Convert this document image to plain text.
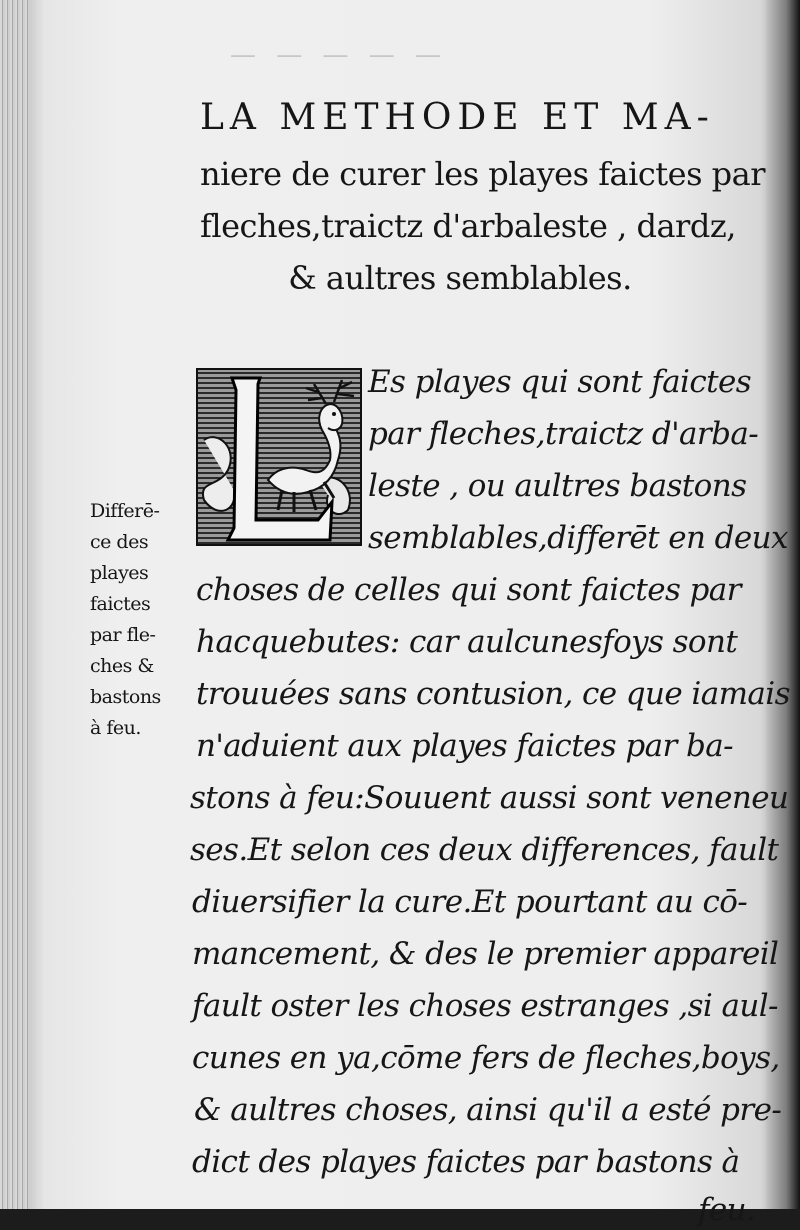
— — — — —
LA METHODE ET MA-
niere de curer les playes faictes par
fleches,traictz d'arbaleste , dardz,
& aultres semblables.
Es playes qui sont faictes
par fleches,traictz d'arba-
leste , ou aultres bastons
semblables,differēt en deux
choses de celles qui sont faictes par
hacquebutes: car aulcunesfoys sont
trouuées sans contusion, ce que iamais
n'aduient aux playes faictes par ba-
stons à feu:Souuent aussi sont veneneu
ses.Et selon ces deux differences, fault
diuersifier la cure.Et pourtant au cō-
mancement, & des le premier appareil
fault oster les choses estranges ,si aul-
cunes en ya,cōme fers de fleches,boys,
& aultres choses, ainsi qu'il a esté pre-
dict des playes faictes par bastons à
feu.
Differē-
ce des
playes
faictes
par fle-
ches &
bastons
à feu.
